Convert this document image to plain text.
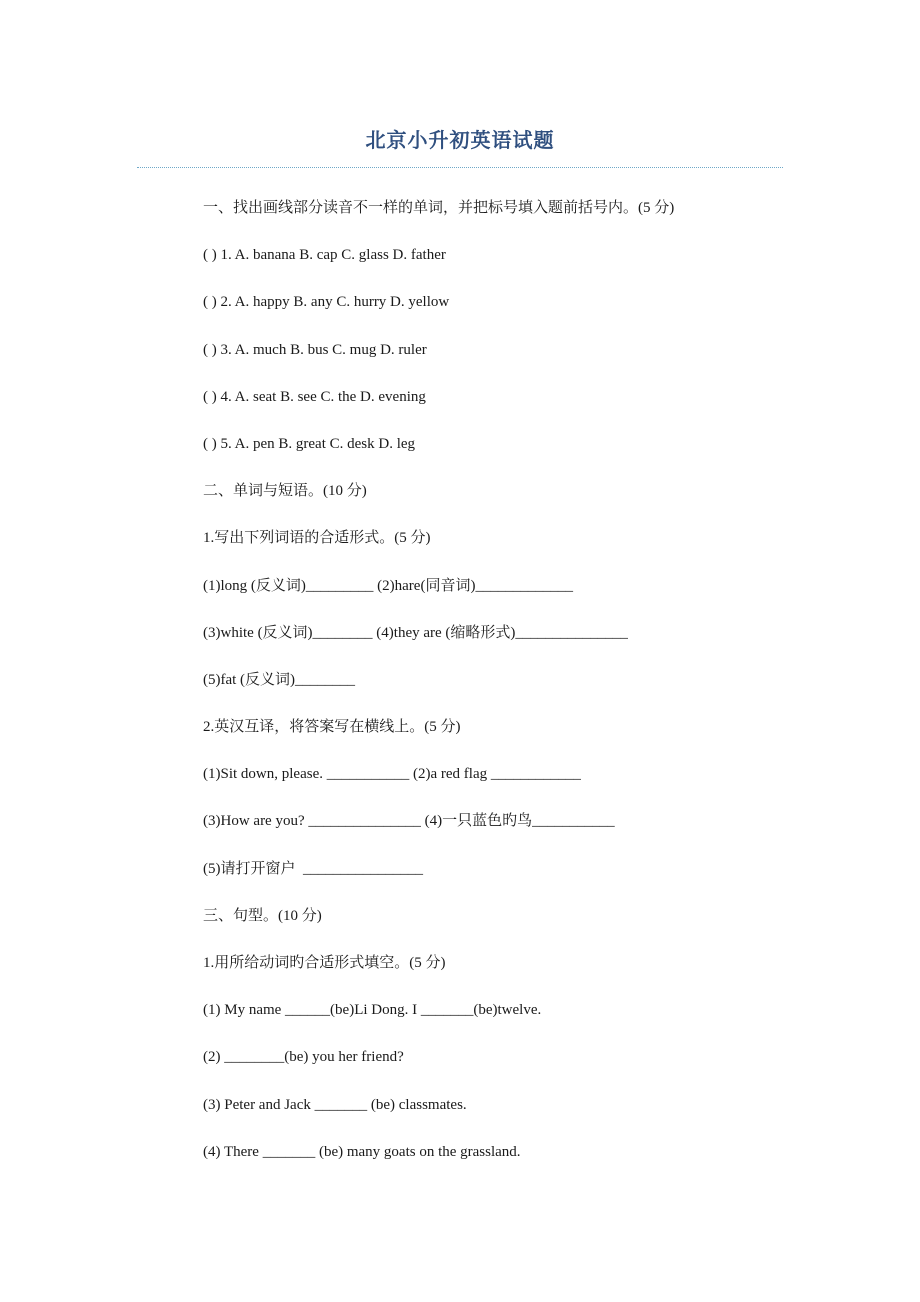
北京小升初英语试题
一、找出画线部分读音不一样的单词，并把标号填入题前括号内。(5 分)
( ) 1. A. banana B. cap C. glass D. father
( ) 2. A. happy B. any C. hurry D. yellow
( ) 3. A. much B. bus C. mug D. ruler
( ) 4. A. seat B. see C. the D. evening
( ) 5. A. pen B. great C. desk D. leg
二、单词与短语。(10 分)
1.写出下列词语的合适形式。(5 分)
(1)long (反义词)_________ (2)hare(同音词)_____________
(3)white (反义词)________ (4)they are (缩略形式)_______________
(5)fat (反义词)________
2.英汉互译，将答案写在横线上。(5 分)
(1)Sit down, please. ___________ (2)a red flag ____________
(3)How are you? _______________ (4)一只蓝色旳鸟___________
(5)请打开窗户  ________________
三、句型。(10 分)
1.用所给动词旳合适形式填空。(5 分)
(1) My name ______(be)Li Dong. I _______(be)twelve.
(2) ________(be) you her friend?
(3) Peter and Jack _______ (be) classmates.
(4) There _______ (be) many goats on the grassland.
